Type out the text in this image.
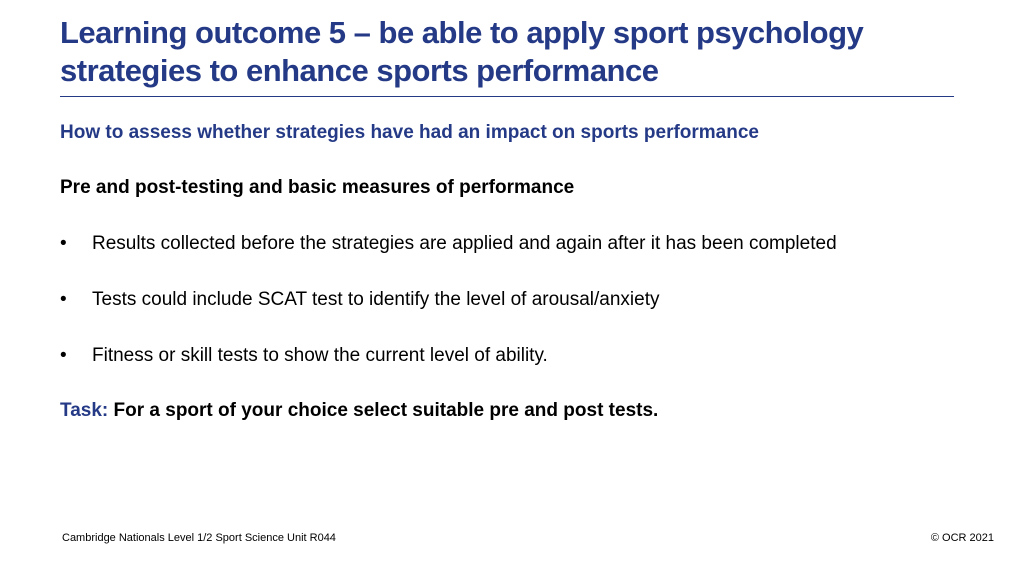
Learning outcome 5 – be able to apply sport psychology strategies to enhance sports performance
How to assess whether strategies have had an impact on sports performance
Pre and post-testing and basic measures of performance
• Results collected before the strategies are applied and again after it has been completed
• Tests could include SCAT test to identify the level of arousal/anxiety
• Fitness or skill tests to show the current level of ability.

Task: For a sport of your choice select suitable pre and post tests.

Cambridge Nationals Level 1/2 Sport Science Unit R044	© OCR 2021
